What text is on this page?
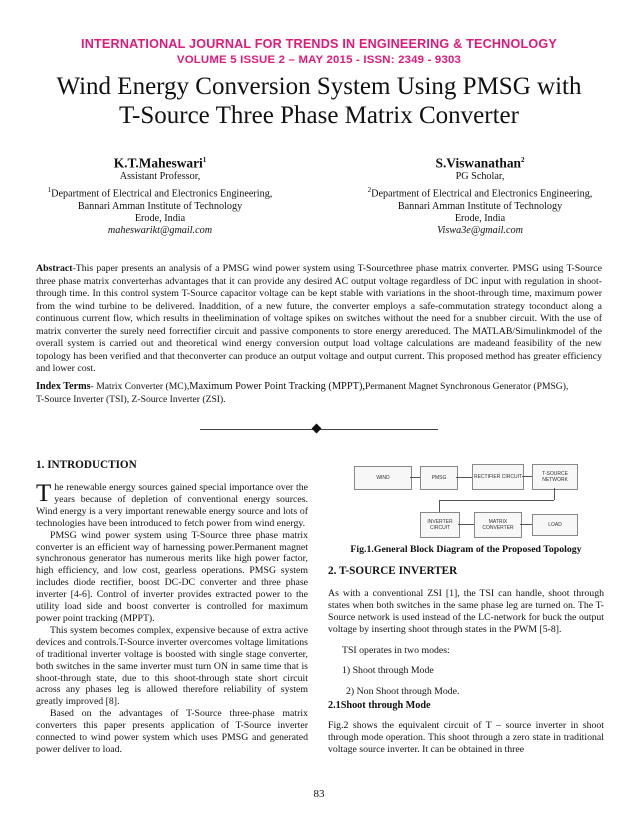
INTERNATIONAL JOURNAL FOR TRENDS IN ENGINEERING & TECHNOLOGY
VOLUME 5 ISSUE 2 – MAY 2015 - ISSN: 2349 - 9303
Wind Energy Conversion System Using PMSG with
T-Source Three Phase Matrix Converter
K.T.Maheswari$^1$
Assistant Professor,
$^1$Department of Electrical and Electronics Engineering,
Bannari Amman Institute of Technology
Erode, India
maheswarikt@gmail.com
S.Viswanathan$^2$
PG Scholar,
$^2$Department of Electrical and Electronics Engineering,
Bannari Amman Institute of Technology
Erode, India
Viswa3e@gmail.com
Abstract-This paper presents an analysis of a PMSG wind power system using T-Sourcethree phase matrix converter. PMSG using T-Source three phase matrix converterhas advantages that it can provide any desired AC output voltage regardless of DC input with regulation in shoot-through time. In this control system T-Source capacitor voltage can be kept stable with variations in the shoot-through time, maximum power from the wind turbine to be delivered. Inaddition, of a new future, the converter employs a safe-commutation strategy toconduct along a continuous current flow, which results in theelimination of voltage spikes on switches without the need for a snubber circuit. With the use of matrix converter the surely need forrectifier circuit and passive components to store energy arereduced. The MATLAB/Simulinkmodel of the overall system is carried out and theoretical wind energy conversion output load voltage calculations are madeand feasibility of the new topology has been verified and that theconverter can produce an output voltage and output current. This proposed method has greater efficiency and lower cost.
Index Terms- Matrix Converter (MC),Maximum Power Point Tracking (MPPT),Permanent Magnet Synchronous Generator (PMSG),
T-Source Inverter (TSI), Z-Source Inverter (ZSI).
1. INTRODUCTION

The renewable energy sources gained special importance over the years because of depletion of conventional energy sources. Wind energy is a very important renewable energy source and lots of technologies have been introduced to fetch power from wind energy.

PMSG wind power system using T-Source three phase matrix converter is an efficient way of harnessing power.Permanent magnet synchronous generator has numerous merits like high power factor, high efficiency, and low cost, gearless operations. PMSG system includes diode rectifier, boost DC-DC converter and three phase inverter [4-6]. Control of inverter provides extracted power to the utility load side and boost converter is controlled for maximum power point tracking (MPPT).

This system becomes complex, expensive because of extra active devices and controls.T-Source inverter overcomes voltage limitations of traditional inverter voltage is boosted with single stage converter, both switches in the same inverter must turn ON in same time that is shoot-through state, due to this shoot-through state short circuit across any phases leg is allowed therefore reliability of system greatly improved [8].

Based on the advantages of T-Source three-phase matrix converters this paper presents application of T-Source inverter connected to wind power system which uses PMSG and generated power deliver to load.

WIND	PMSG	RECTIFIER CIRCUIT	T-SOURCE NETWORK
INVERTER CIRCUIT
MATRIX CONVERTER	LOAD
Fig.1.General Block Diagram of the Proposed Topology
2. T-SOURCE INVERTER

As with a conventional ZSI [1], the TSI can handle, shoot through states when both switches in the same phase leg are turned on. The T-Source network is used instead of the LC-network for buck the output voltage by inserting shoot through states in the PWM [5-8].

TSI operates in two modes:

1) Shoot through Mode

2) Non Shoot through Mode.

2.1Shoot through Mode

Fig.2 shows the equivalent circuit of T – source inverter in shoot through mode operation. This shoot through a zero state in traditional voltage source inverter. It can be obtained in three

83
